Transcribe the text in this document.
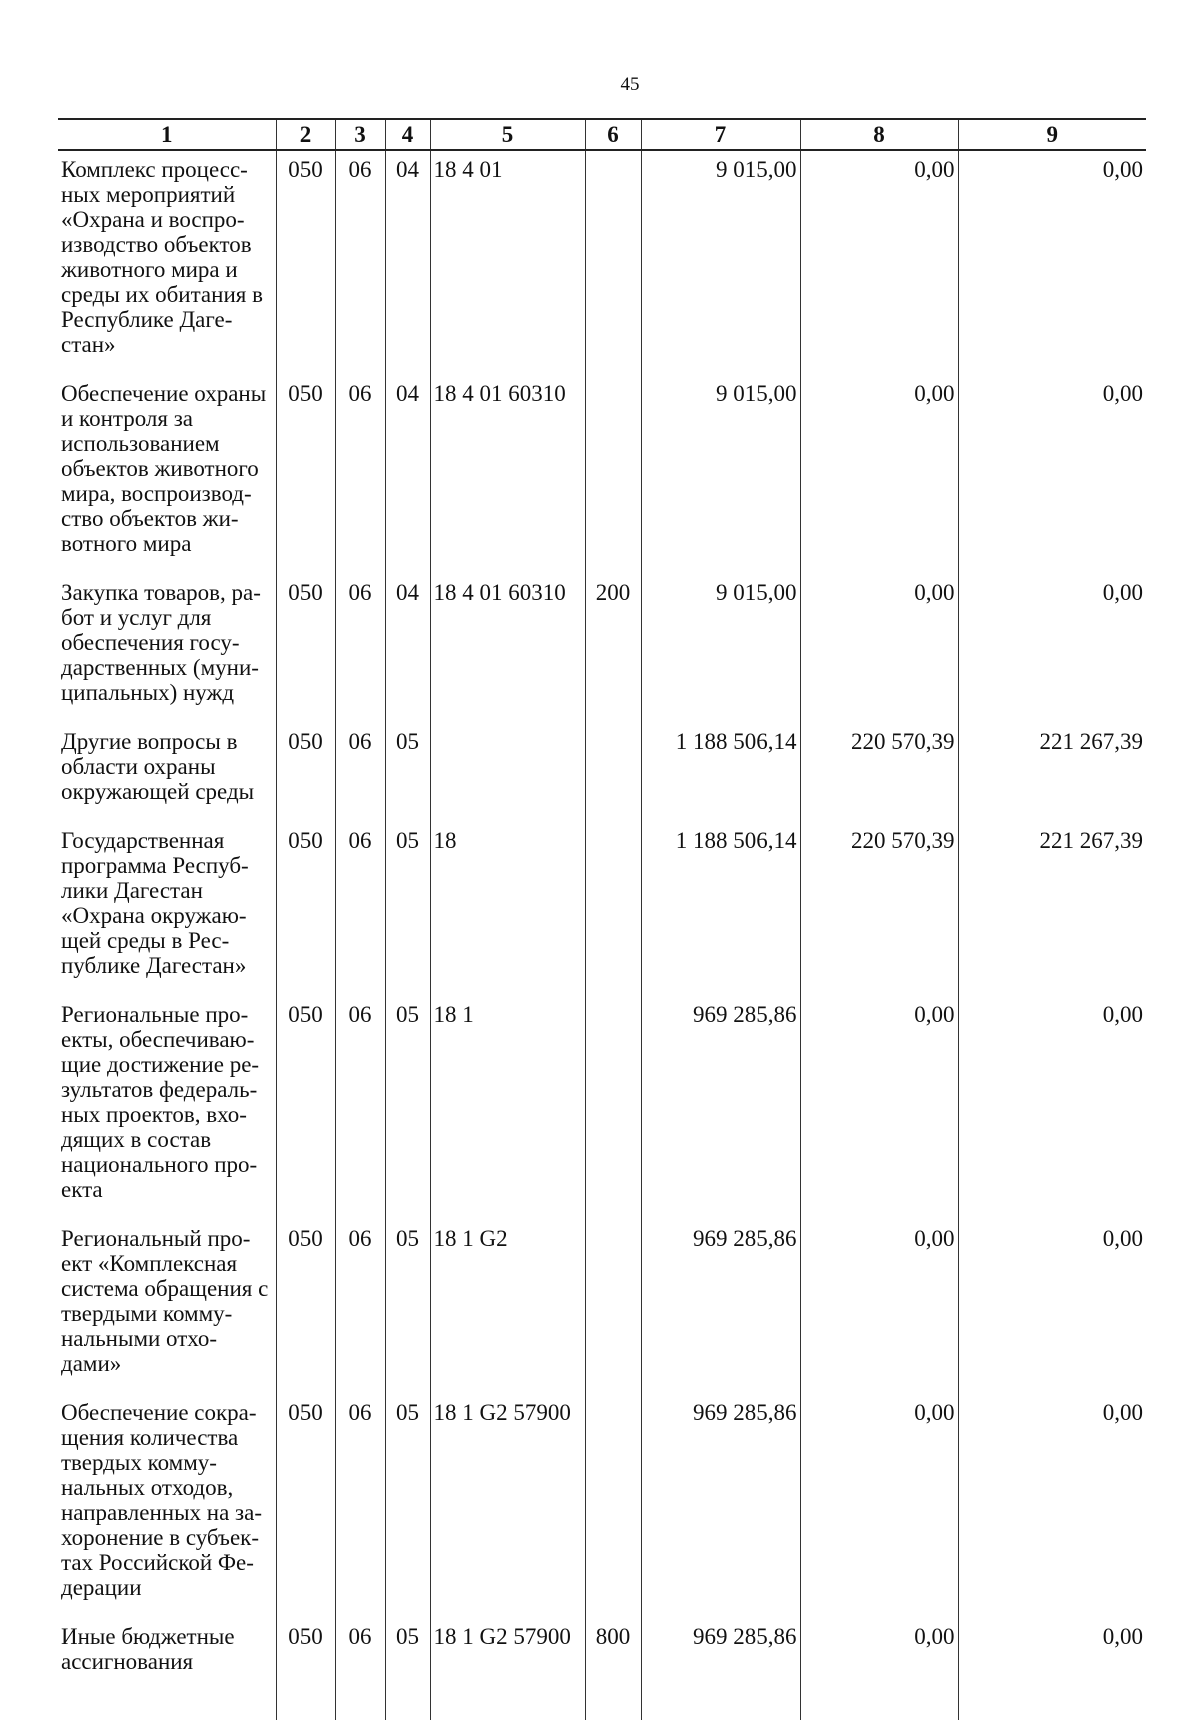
45
1	2	3	4	5	6	7	8	9
Комплекс процесс-ных мероприятий «Охрана и воспро-изводство объектов животного мира и среды их обитания в Республике Даге-стан»	050	06	04	18 4 01		9 015,00	0,00	0,00
Обеспечение охраны и контроля за использованием объектов животного мира, воспроизвод-ство объектов жи-вотного мира	050	06	04	18 4 01 60310		9 015,00	0,00	0,00
Закупка товаров, ра-бот и услуг для обеспечения госу-дарственных (муни-ципальных) нужд	050	06	04	18 4 01 60310	200	9 015,00	0,00	0,00
Другие вопросы в области охраны окружающей среды	050	06	05			1 188 506,14	220 570,39	221 267,39
Государственная программа Респуб-лики Дагестан «Охрана окружаю-щей среды в Рес-публике Дагестан»	050	06	05	18		1 188 506,14	220 570,39	221 267,39
Региональные про-екты, обеспечиваю-щие достижение ре-зультатов федераль-ных проектов, вхо-дящих в состав национального про-екта	050	06	05	18 1		969 285,86	0,00	0,00
Региональный про-ект «Комплексная система обращения с твердыми комму-нальными отхо-дами»	050	06	05	18 1 G2		969 285,86	0,00	0,00
Обеспечение сокра-щения количества твердых комму-нальных отходов, направленных на за-хоронение в субъек-тах Российской Фе-дерации	050	06	05	18 1 G2 57900		969 285,86	0,00	0,00
Иные бюджетные ассигнования	050	06	05	18 1 G2 57900	800	969 285,86	0,00	0,00
